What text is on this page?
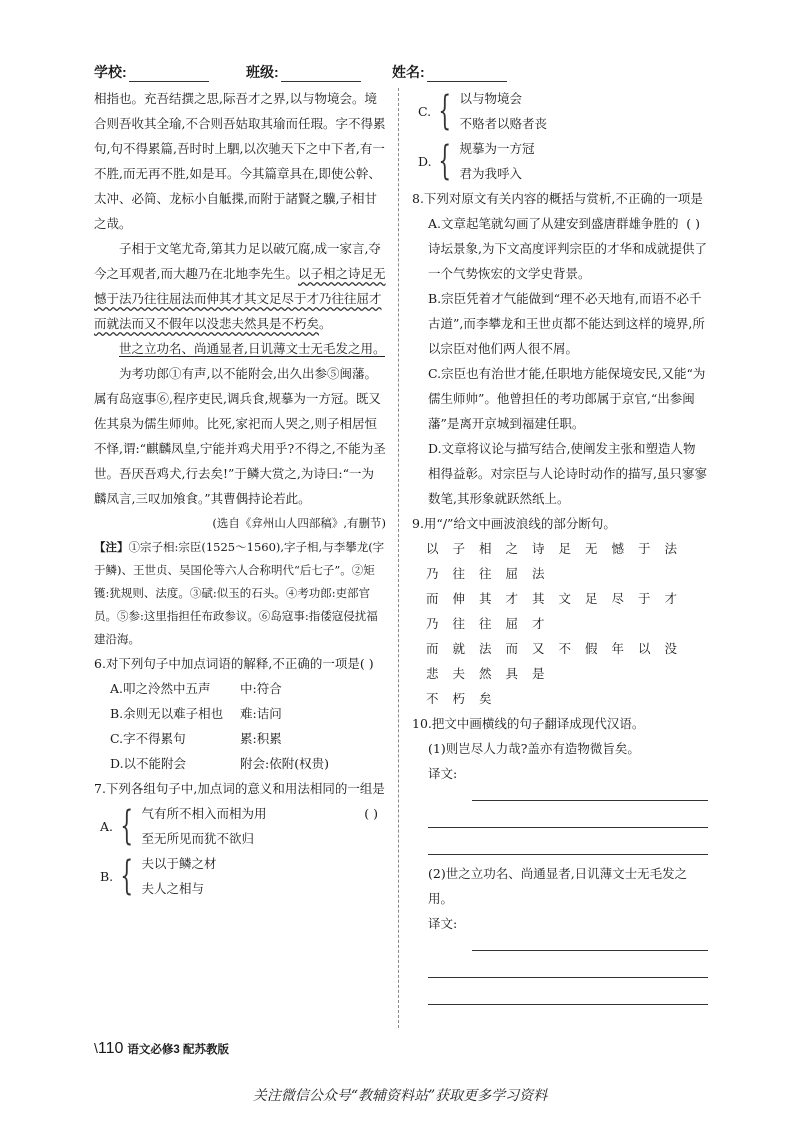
学校:	班级:	姓名:

相指也。充吾结撰之思,际吾才之界,以与物境会。境合则吾收其全瑜,不合则吾姑取其瑜而任瑕。字不得累句,句不得累篇,吾时时上駟,以次驰天下之中下者,有一不胜,而无再不胜,如是耳。今其篇章具在,即使公幹、太冲、必简、龙标小自觝揲,而附于諸賢之驥,子相甘之哉。

子相于文笔尤奇,第其力足以破冗腐,成一家言,夺今之耳观者,而大趣乃在北地李先生。以子相之诗足无憾于法乃往往屈法而伸其才其文足尽于才乃往往屈才而就法而又不假年以没悲夫然具是不朽矣。

世之立功名、尚通显者,日讥薄文士无毛发之用。

为考功郎①有声,以不能附会,出久出参⑤闽藩。属有岛寇事⑥,程序吏民,调兵食,规摹为一方冠。既又佐其泉为儒生师帅。比死,家祀而人哭之,则子相居恒不怿,谓:“麒麟凤皇,宁能并鸡犬用乎?不得之,不能为圣世。吾厌吾鸡犬,行去矣!”于鳞大赏之,为诗曰:“一为麟凤言,三叹加飧食。”其曹偶持论若此。

(选自《弇州山人四部稿》,有删节)

【注】①宗子相:宗臣(1525～1560),字子相,与李攀龙(字于鳞)、王世贞、吴国伦等六人合称明代“后七子”。②矩镬:犹规则、法度。③碔:似玉的石头。④考功郎:吏部官员。⑤参:这里指担任布政参议。⑥岛寇事:指倭寇侵扰福建沿海。

6.对下列句子中加点词语的解释,不正确的一项是( )

A.叩之泠然中五声	中:符合
B.余则无以难子相也	难:诘问
C.字不得累句	累:积累
D.以不能附会	附会:依附(权贵)

7.下列各组句子中,加点词的意义和用法相同的一组是
( )

A. { 气有所不相入而相为用
至无所见而犹不欲归
B. { 夫以于鳞之材
夫人之相与
C. { 以与物境会
不赂者以赂者丧
D. { 规摹为一方冠
君为我呼入

8.下列对原文有关内容的概括与赏析,不正确的一项是
( )

A.文章起笔就勾画了从建安到盛唐群雄争胜的诗坛景象,为下文高度评判宗臣的才华和成就提供了一个气势恢宏的文学史背景。

B.宗臣凭着才气能做到“理不必天地有,而语不必千古道”,而李攀龙和王世贞都不能达到这样的境界,所以宗臣对他们两人很不屑。

C.宗臣也有治世才能,任职地方能保境安民,又能“为儒生师帅”。他曾担任的考功郎属于京官,“出参闽藩”是离开京城到福建任职。

D.文章将议论与描写结合,使阐发主张和塑造人物相得益彰。对宗臣与人论诗时动作的描写,虽只寥寥数笔,其形象就跃然纸上。

9.用“/”给文中画波浪线的部分断句。

以子相之诗足无憾于法乃往往屈法

而伸其才其文足尽于才乃往往屈才

而就法而又不假年以没悲夫然具是

不朽矣

10.把文中画横线的句子翻译成现代汉语。

(1)则岂尽人力哉?盖亦有造物微旨矣。

译文:

(2)世之立功名、尚通显者,日讥薄文士无毛发之用。

译文:
\110 语文必修3 配苏教版
关注微信公众号“教辅资料站”获取更多学习资料
